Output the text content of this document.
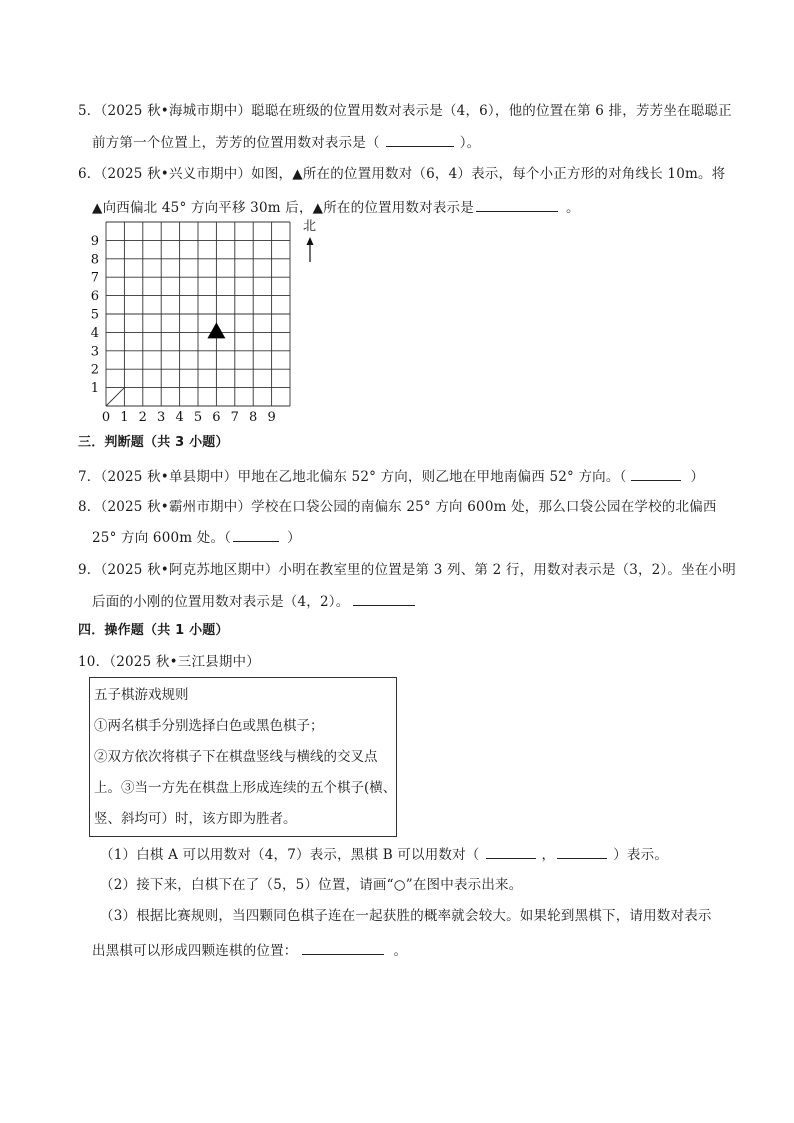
5．（2025 秋•海城市期中）聪聪在班级的位置用数对表示是（4，6），他的位置在第 6 排，芳芳坐在聪聪正
前方第一个位置上，芳芳的位置用数对表示是（	）。
6．（2025 秋•兴义市期中）如图，▲所在的位置用数对（6，4）表示，每个小正方形的对角线长 10m。将
▲向西偏北 45° 方向平移 30m 后，▲所在的位置用数对表示是	。
0 1 2 3 4 5 6 7 8 9
1
2
3
4
5
6
7
8
9
北
三．判断题（共 3 小题）
7．（2025 秋•单县期中）甲地在乙地北偏东 52° 方向，则乙地在甲地南偏西 52° 方向。（	）
8．（2025 秋•霸州市期中）学校在口袋公园的南偏东 25° 方向 600m 处，那么口袋公园在学校的北偏西
25° 方向 600m 处。（	）
9．（2025 秋•阿克苏地区期中）小明在教室里的位置是第 3 列、第 2 行，用数对表示是（3，2）。坐在小明
后面的小刚的位置用数对表示是（4，2）。
四．操作题（共 1 小题）
10．（2025 秋•三江县期中）
五子棋游戏规则
①两名棋手分别选择白色或黑色棋子；
②双方依次将棋子下在棋盘竖线与横线的交叉点
上。③当一方先在棋盘上形成连续的五个棋子(横、
竖、斜均可）时，该方即为胜者。
（1）白棋 A 可以用数对（4，7）表示，黑棋 B 可以用数对（	，	）表示。
（2）接下来，白棋下在了（5，5）位置，请画“○”在图中表示出来。
（3）根据比赛规则，当四颗同色棋子连在一起获胜的概率就会较大。如果轮到黑棋下，请用数对表示
出黑棋可以形成四颗连棋的位置：	。
